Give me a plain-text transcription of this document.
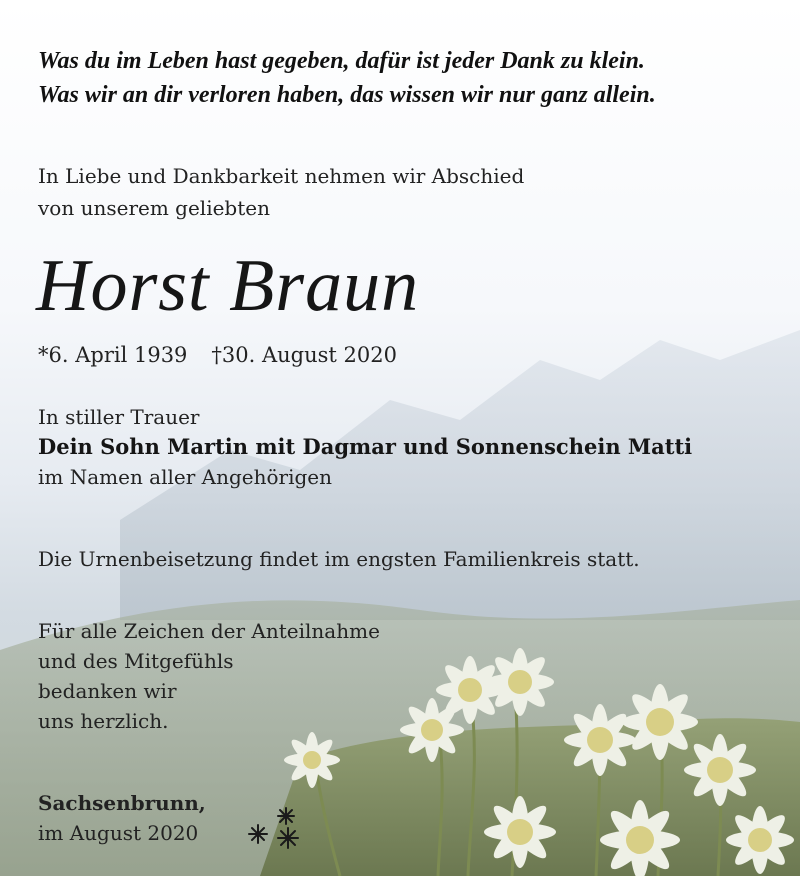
Was du im Leben hast gegeben, dafür ist jeder Dank zu klein.
Was wir an dir verloren haben, das wissen wir nur ganz allein.
In Liebe und Dankbarkeit nehmen wir Abschied
von unserem geliebten
Horst Braun
*6. April 1939 †30. August 2020
In stiller Trauer
Dein Sohn Martin mit Dagmar und Sonnenschein Matti
im Namen aller Angehörigen
Die Urnenbeisetzung findet im engsten Familienkreis statt.
Für alle Zeichen der Anteilnahme
und des Mitgefühls
bedanken wir
uns herzlich.
Sachsenbrunn,
im August 2020
